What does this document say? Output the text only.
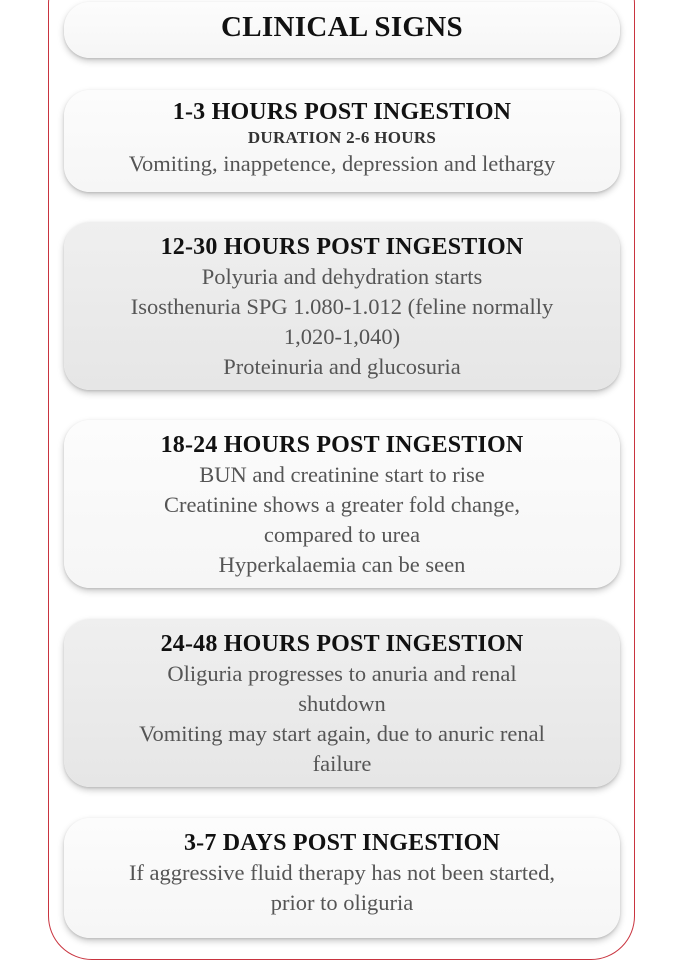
CLINICAL SIGNS
1-3 HOURS POST INGESTION
DURATION 2-6 HOURS
Vomiting, inappetence, depression and lethargy
12-30 HOURS POST INGESTION
Polyuria and dehydration starts
Isosthenuria SPG 1.080-1.012 (feline normally
1,020-1,040)
Proteinuria and glucosuria
18-24 HOURS POST INGESTION
BUN and creatinine start to rise
Creatinine shows a greater fold change,
compared to urea
Hyperkalaemia can be seen
24-48 HOURS POST INGESTION
Oliguria progresses to anuria and renal
shutdown
Vomiting may start again, due to anuric renal
failure
3-7 DAYS POST INGESTION
If aggressive fluid therapy has not been started,
prior to oliguria
